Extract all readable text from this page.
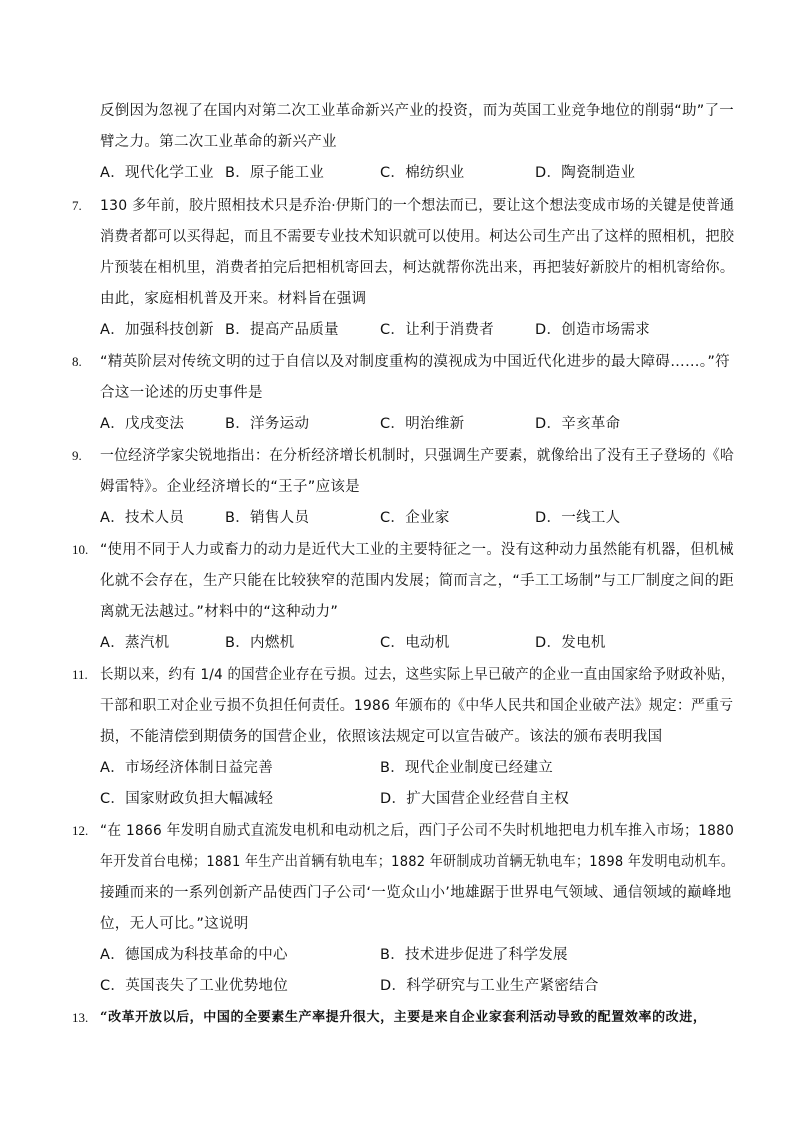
反倒因为忽视了在国内对第二次工业革命新兴产业的投资，而为英国工业竞争地位的削弱“助”了一
臂之力。第二次工业革命的新兴产业
A．现代化学工业 B．原子能工业	C．棉纺织业	D．陶瓷制造业
7. 130 多年前，胶片照相技术只是乔治·伊斯门的一个想法而已，要让这个想法变成市场的关键是使普通
消费者都可以买得起，而且不需要专业技术知识就可以使用。柯达公司生产出了这样的照相机，把胶
片预装在相机里，消费者拍完后把相机寄回去，柯达就帮你洗出来，再把装好新胶片的相机寄给你。
由此，家庭相机普及开来。材料旨在强调
A．加强科技创新 B．提高产品质量	C．让利于消费者	D．创造市场需求
8. “精英阶层对传统文明的过于自信以及对制度重构的漠视成为中国近代化进步的最大障碍……。”符
合这一论述的历史事件是
A．戊戌变法	B．洋务运动	C．明治维新	D．辛亥革命
9. 一位经济学家尖锐地指出：在分析经济增长机制时，只强调生产要素，就像给出了没有王子登场的《哈
姆雷特》。企业经济增长的“王子”应该是
A．技术人员	B．销售人员	C．企业家	D．一线工人
10. “使用不同于人力或畜力的动力是近代大工业的主要特征之一。没有这种动力虽然能有机器，但机械
化就不会存在，生产只能在比较狭窄的范围内发展；简而言之，“手工工场制”与工厂制度之间的距
离就无法越过。”材料中的“这种动力”
A．蒸汽机	B．内燃机	C．电动机	D．发电机
11. 长期以来，约有 1/4 的国营企业存在亏损。过去，这些实际上早已破产的企业一直由国家给予财政补贴，
干部和职工对企业亏损不负担任何责任。1986 年颁布的《中华人民共和国企业破产法》规定：严重亏
损，不能清偿到期债务的国营企业，依照该法规定可以宣告破产。该法的颁布表明我国
A．市场经济体制日益完善	B．现代企业制度已经建立
C．国家财政负担大幅减轻	D．扩大国营企业经营自主权
12. “在 1866 年发明自励式直流发电机和电动机之后，西门子公司不失时机地把电力机车推入市场；1880
年开发首台电梯；1881 年生产出首辆有轨电车；1882 年研制成功首辆无轨电车；1898 年发明电动机车。
接踵而来的一系列创新产品使西门子公司‘一览众山小’地雄踞于世界电气领域、通信领域的巅峰地
位，无人可比。”这说明
A．德国成为科技革命的中心	B．技术进步促进了科学发展
C．英国丧失了工业优势地位	D．科学研究与工业生产紧密结合
13. “改革开放以后，中国的全要素生产率提升很大，主要是来自企业家套利活动导致的配置效率的改进，
